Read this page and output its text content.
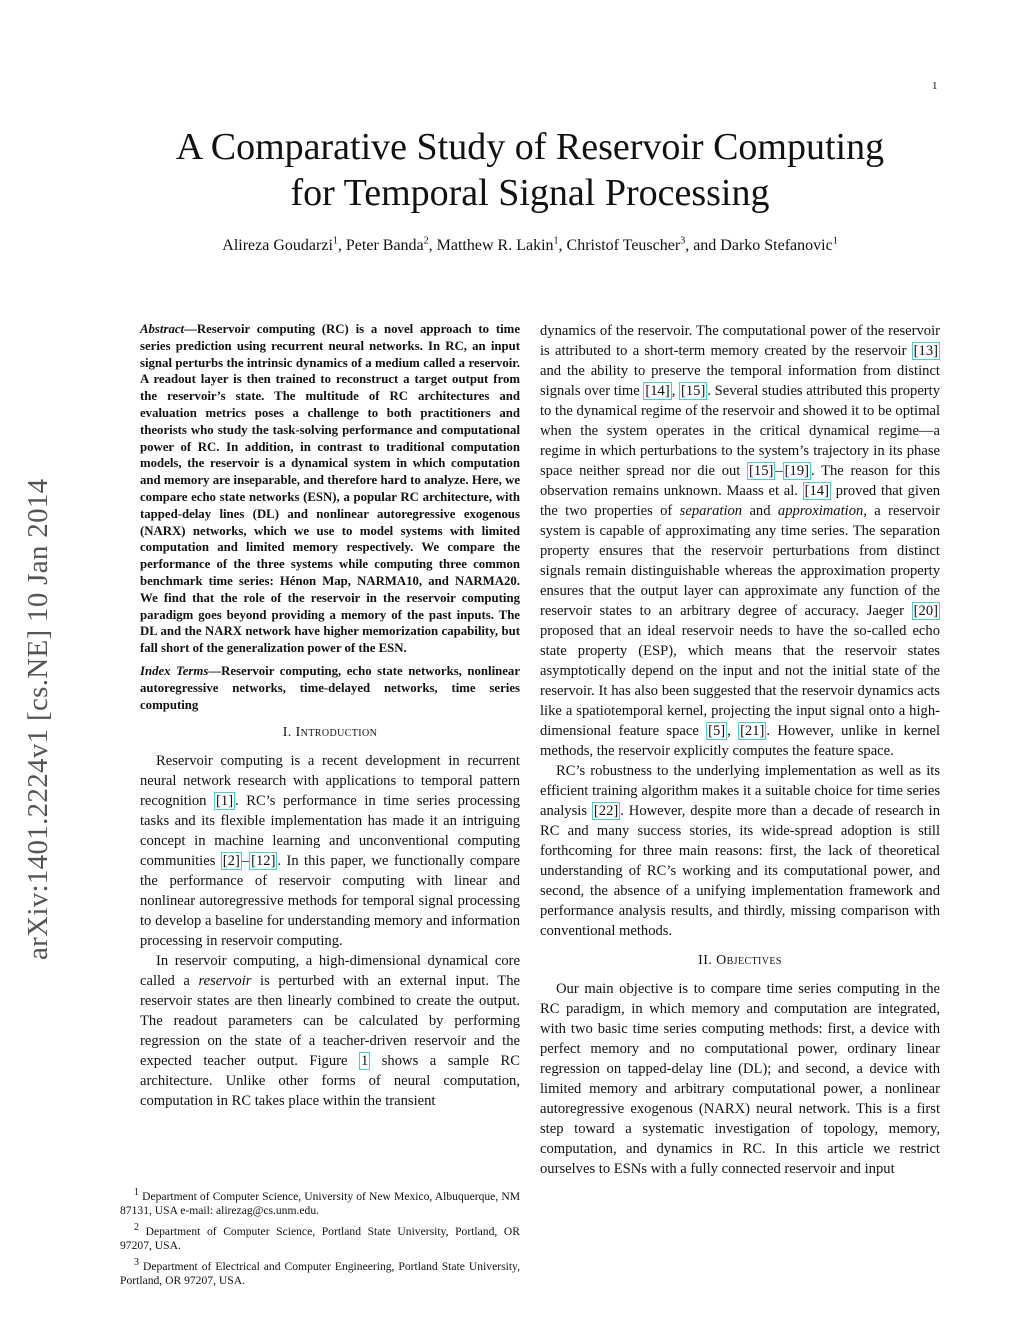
1
arXiv:1401.2224v1 [cs.NE] 10 Jan 2014
A Comparative Study of Reservoir Computing
for Temporal Signal Processing
Alireza Goudarzi$^1$, Peter Banda$^2$, Matthew R. Lakin$^1$, Christof Teuscher$^3$, and Darko Stefanovic$^1$

Abstract—Reservoir computing (RC) is a novel approach to time series prediction using recurrent neural networks. In RC, an input signal perturbs the intrinsic dynamics of a medium called a reservoir. A readout layer is then trained to reconstruct a target output from the reservoir’s state. The multitude of RC architectures and evaluation metrics poses a challenge to both practitioners and theorists who study the task-solving performance and computational power of RC. In addition, in contrast to traditional computation models, the reservoir is a dynamical system in which computation and memory are inseparable, and therefore hard to analyze. Here, we compare echo state networks (ESN), a popular RC architecture, with tapped-delay lines (DL) and nonlinear autoregressive exogenous (NARX) networks, which we use to model systems with limited computation and limited memory respectively. We compare the performance of the three systems while computing three common benchmark time series: Hénon Map, NARMA10, and NARMA20. We find that the role of the reservoir in the reservoir computing paradigm goes beyond providing a memory of the past inputs. The DL and the NARX network have higher memorization capability, but fall short of the generalization power of the ESN.

Index Terms—Reservoir computing, echo state networks, nonlinear autoregressive networks, time-delayed networks, time series computing

I. Introduction

Reservoir computing is a recent development in recurrent neural network research with applications to temporal pattern recognition [1] . RC’s performance in time series processing tasks and its flexible implementation has made it an intriguing concept in machine learning and unconventional computing communities [2] – [12] . In this paper, we functionally compare the performance of reservoir computing with linear and nonlinear autoregressive methods for temporal signal processing to develop a baseline for understanding memory and information processing in reservoir computing.

In reservoir computing, a high-dimensional dynamical core called a reservoir is perturbed with an external input. The reservoir states are then linearly combined to create the output. The readout parameters can be calculated by performing regression on the state of a teacher-driven reservoir and the expected teacher output. Figure 1 shows a sample RC architecture. Unlike other forms of neural computation, computation in RC takes place within the transient

dynamics of the reservoir. The computational power of the reservoir is attributed to a short-term memory created by the reservoir [13] and the ability to preserve the temporal information from distinct signals over time [14] , [15] . Several studies attributed this property to the dynamical regime of the reservoir and showed it to be optimal when the system operates in the critical dynamical regime—a regime in which perturbations to the system’s trajectory in its phase space neither spread nor die out [15] – [19] . The reason for this observation remains unknown. Maass et al. [14] proved that given the two properties of separation and approximation, a reservoir system is capable of approximating any time series. The separation property ensures that the reservoir perturbations from distinct signals remain distinguishable whereas the approximation property ensures that the output layer can approximate any function of the reservoir states to an arbitrary degree of accuracy. Jaeger [20] proposed that an ideal reservoir needs to have the so-called echo state property (ESP), which means that the reservoir states asymptotically depend on the input and not the initial state of the reservoir. It has also been suggested that the reservoir dynamics acts like a spatiotemporal kernel, projecting the input signal onto a high-dimensional feature space [5] , [21] . However, unlike in kernel methods, the reservoir explicitly computes the feature space.

RC’s robustness to the underlying implementation as well as its efficient training algorithm makes it a suitable choice for time series analysis [22] . However, despite more than a decade of research in RC and many success stories, its wide-spread adoption is still forthcoming for three main reasons: first, the lack of theoretical understanding of RC’s working and its computational power, and second, the absence of a unifying implementation framework and performance analysis results, and thirdly, missing comparison with conventional methods.

II. Objectives

Our main objective is to compare time series computing in the RC paradigm, in which memory and computation are integrated, with two basic time series computing methods: first, a device with perfect memory and no computational power, ordinary linear regression on tapped-delay line (DL); and second, a device with limited memory and arbitrary computational power, a nonlinear autoregressive exogenous (NARX) neural network. This is a first step toward a systematic investigation of topology, memory, computation, and dynamics in RC. In this article we restrict ourselves to ESNs with a fully connected reservoir and input

$^1$ Department of Computer Science, University of New Mexico, Albuquerque, NM 87131, USA e-mail: alirezag@cs.unm.edu.

$^2$ Department of Computer Science, Portland State University, Portland, OR 97207, USA.

$^3$ Department of Electrical and Computer Engineering, Portland State University, Portland, OR 97207, USA.
